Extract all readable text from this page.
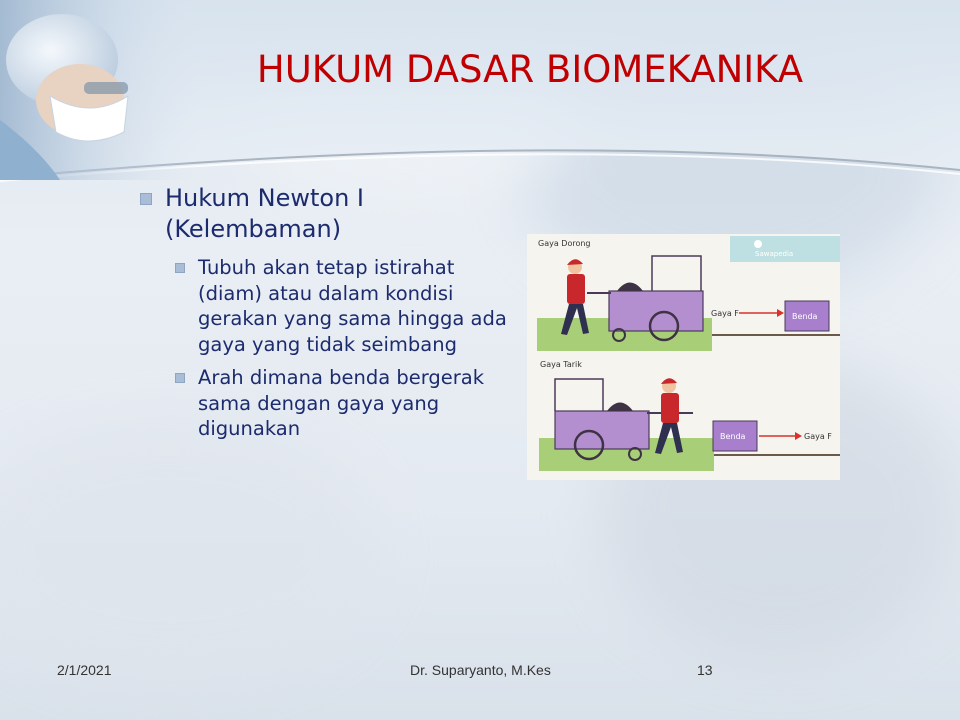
HUKUM DASAR BIOMEKANIKA
Hukum Newton I (Kelembaman)
Tubuh akan tetap istirahat (diam) atau dalam kondisi gerakan yang sama hingga ada gaya yang tidak seimbang
Arah dimana benda bergerak sama dengan gaya yang digunakan
Sawapedia
Gaya Dorong
Gaya F	Benda
Gaya Tarik
Benda	Gaya F
2/1/2021	Dr. Suparyanto, M.Kes	13
